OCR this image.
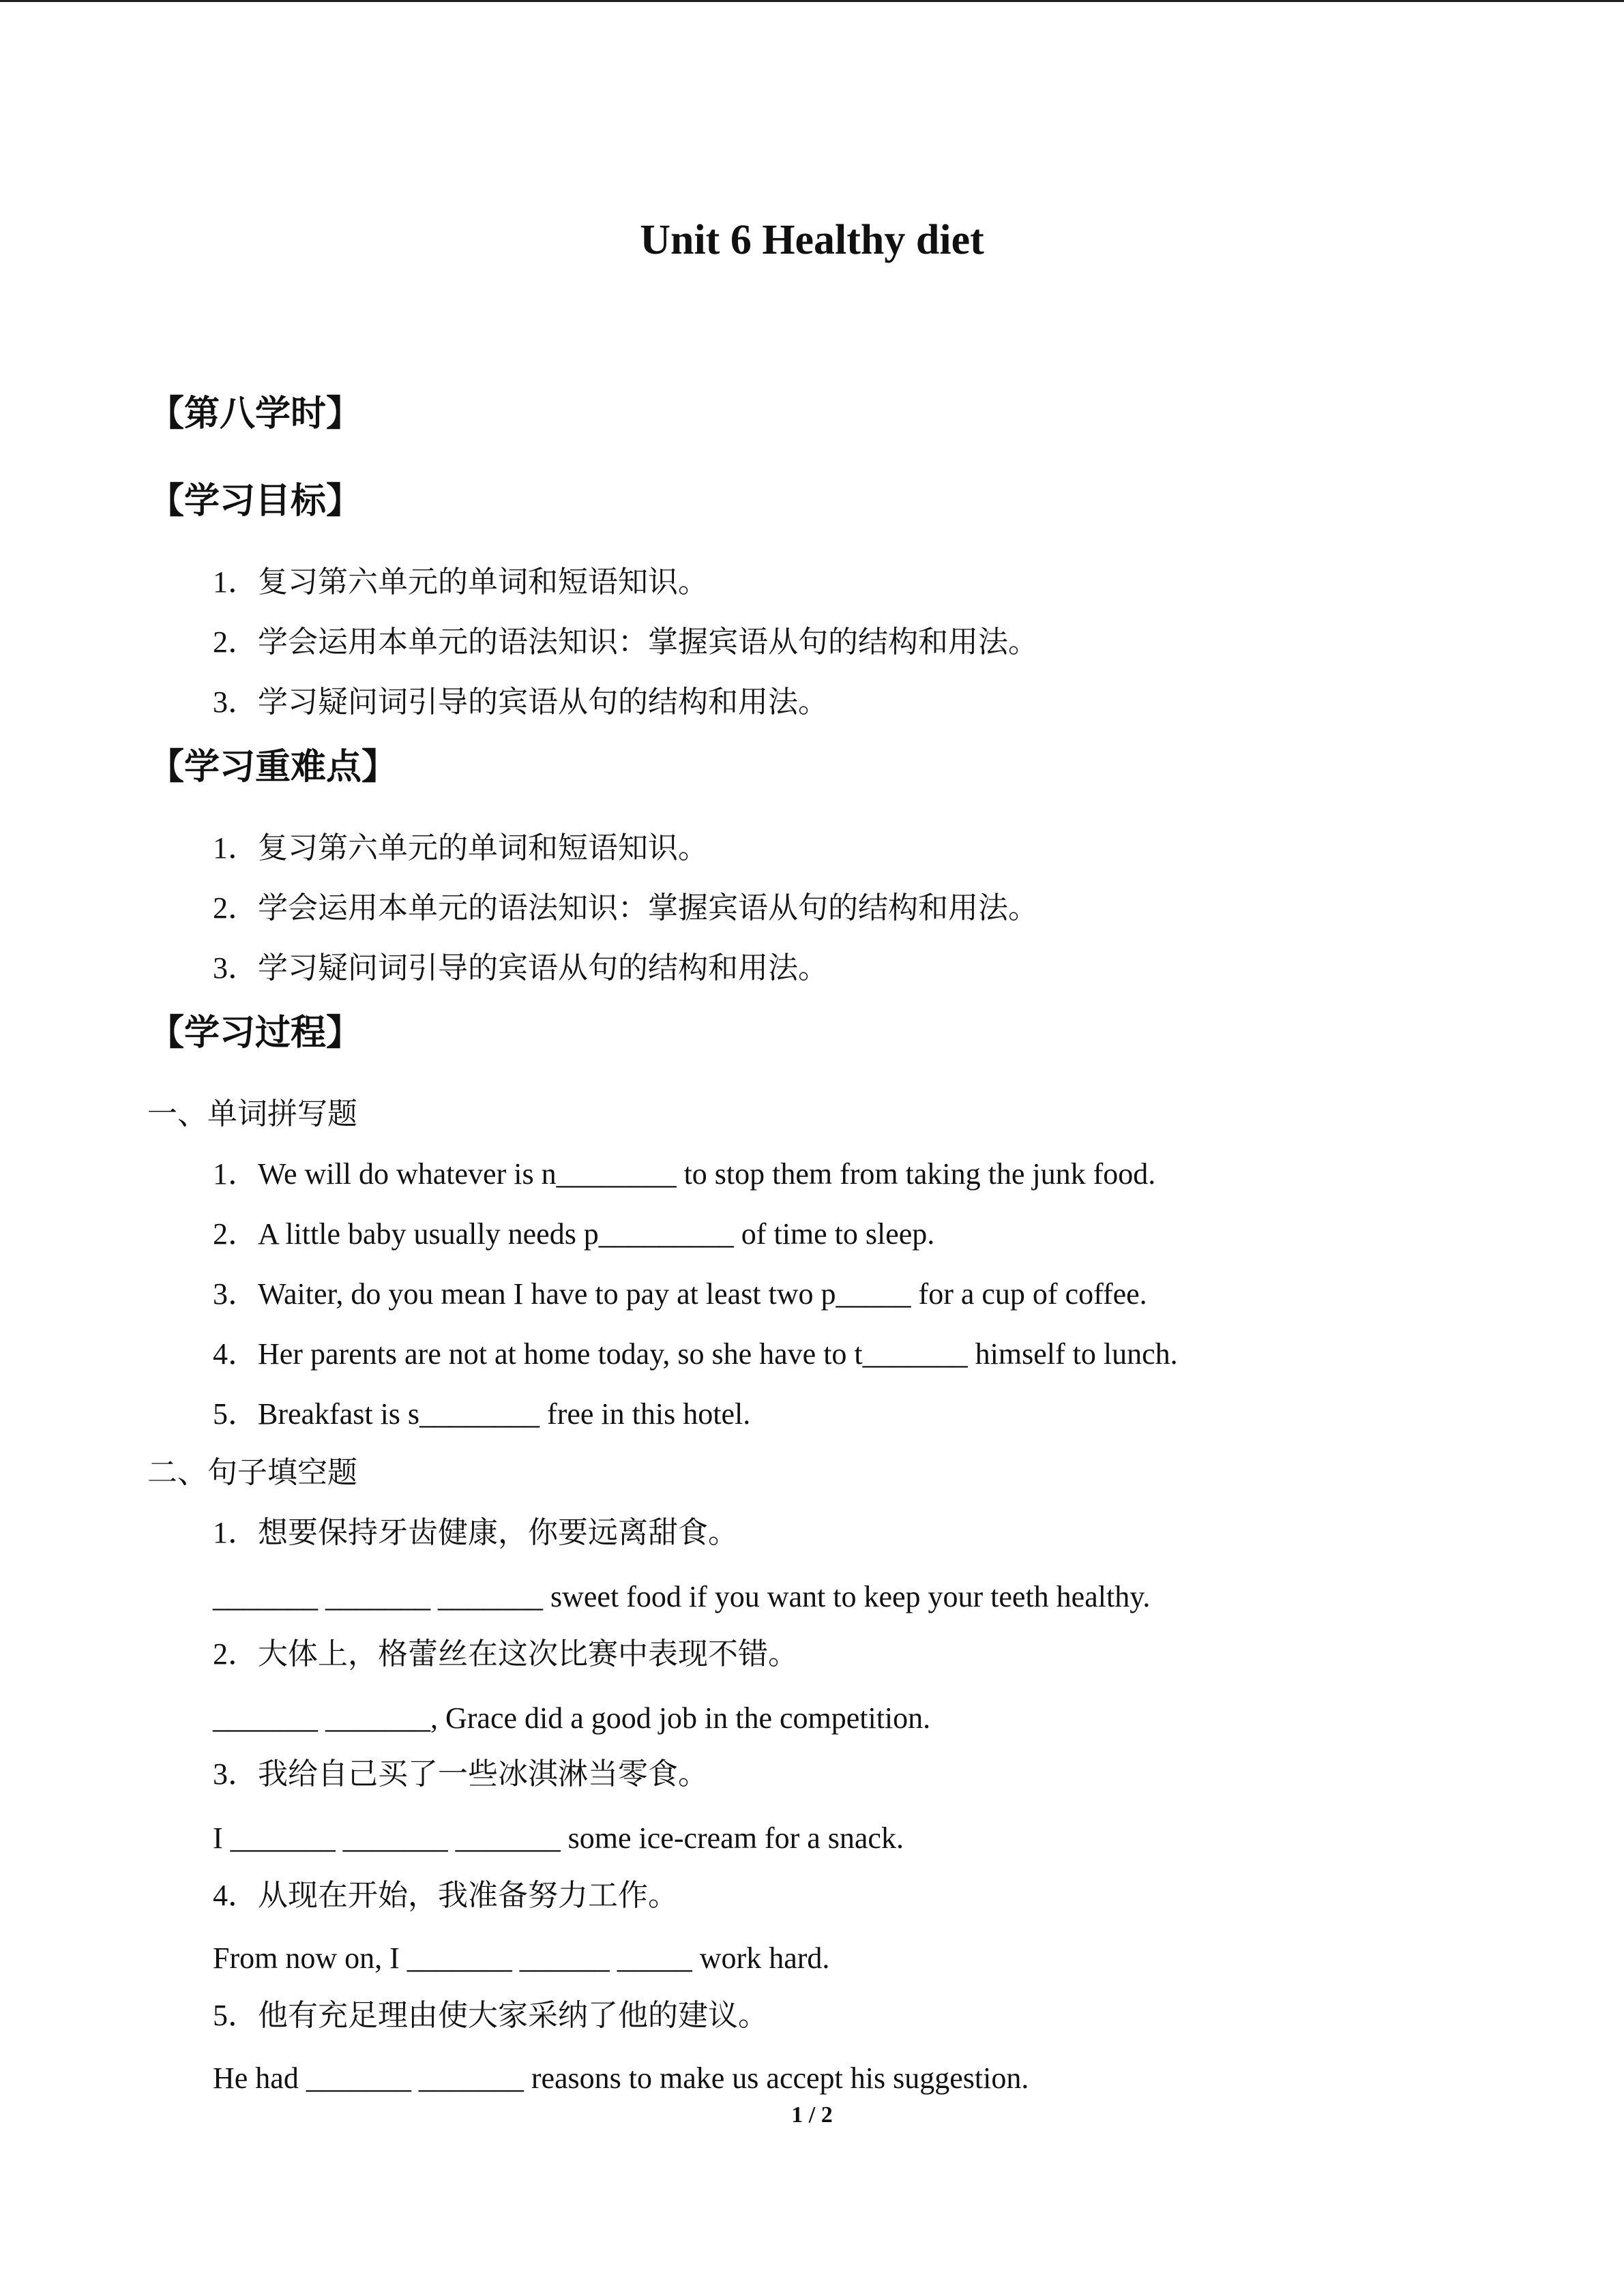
Unit 6 Healthy diet
【第八学时】
【学习目标】
1．复习第六单元的单词和短语知识。
2．学会运用本单元的语法知识：掌握宾语从句的结构和用法。
3．学习疑问词引导的宾语从句的结构和用法。
【学习重难点】
1．复习第六单元的单词和短语知识。
2．学会运用本单元的语法知识：掌握宾语从句的结构和用法。
3．学习疑问词引导的宾语从句的结构和用法。
【学习过程】
一、单词拼写题
1．We will do whatever is n________ to stop them from taking the junk food.
2．A little baby usually needs p_________ of time to sleep.
3．Waiter, do you mean I have to pay at least two p_____ for a cup of coffee.
4．Her parents are not at home today, so she have to t_______ himself to lunch.
5．Breakfast is s________ free in this hotel.
二、句子填空题
1．想要保持牙齿健康，你要远离甜食。
_______ _______ _______ sweet food if you want to keep your teeth healthy.
2．大体上，格蕾丝在这次比赛中表现不错。
_______ _______, Grace did a good job in the competition.
3．我给自己买了一些冰淇淋当零食。
I _______ _______ _______ some ice-cream for a snack.
4．从现在开始，我准备努力工作。
From now on, I _______ ______ _____ work hard.
5．他有充足理由使大家采纳了他的建议。
He had _______ _______ reasons to make us accept his suggestion.
1 / 2
